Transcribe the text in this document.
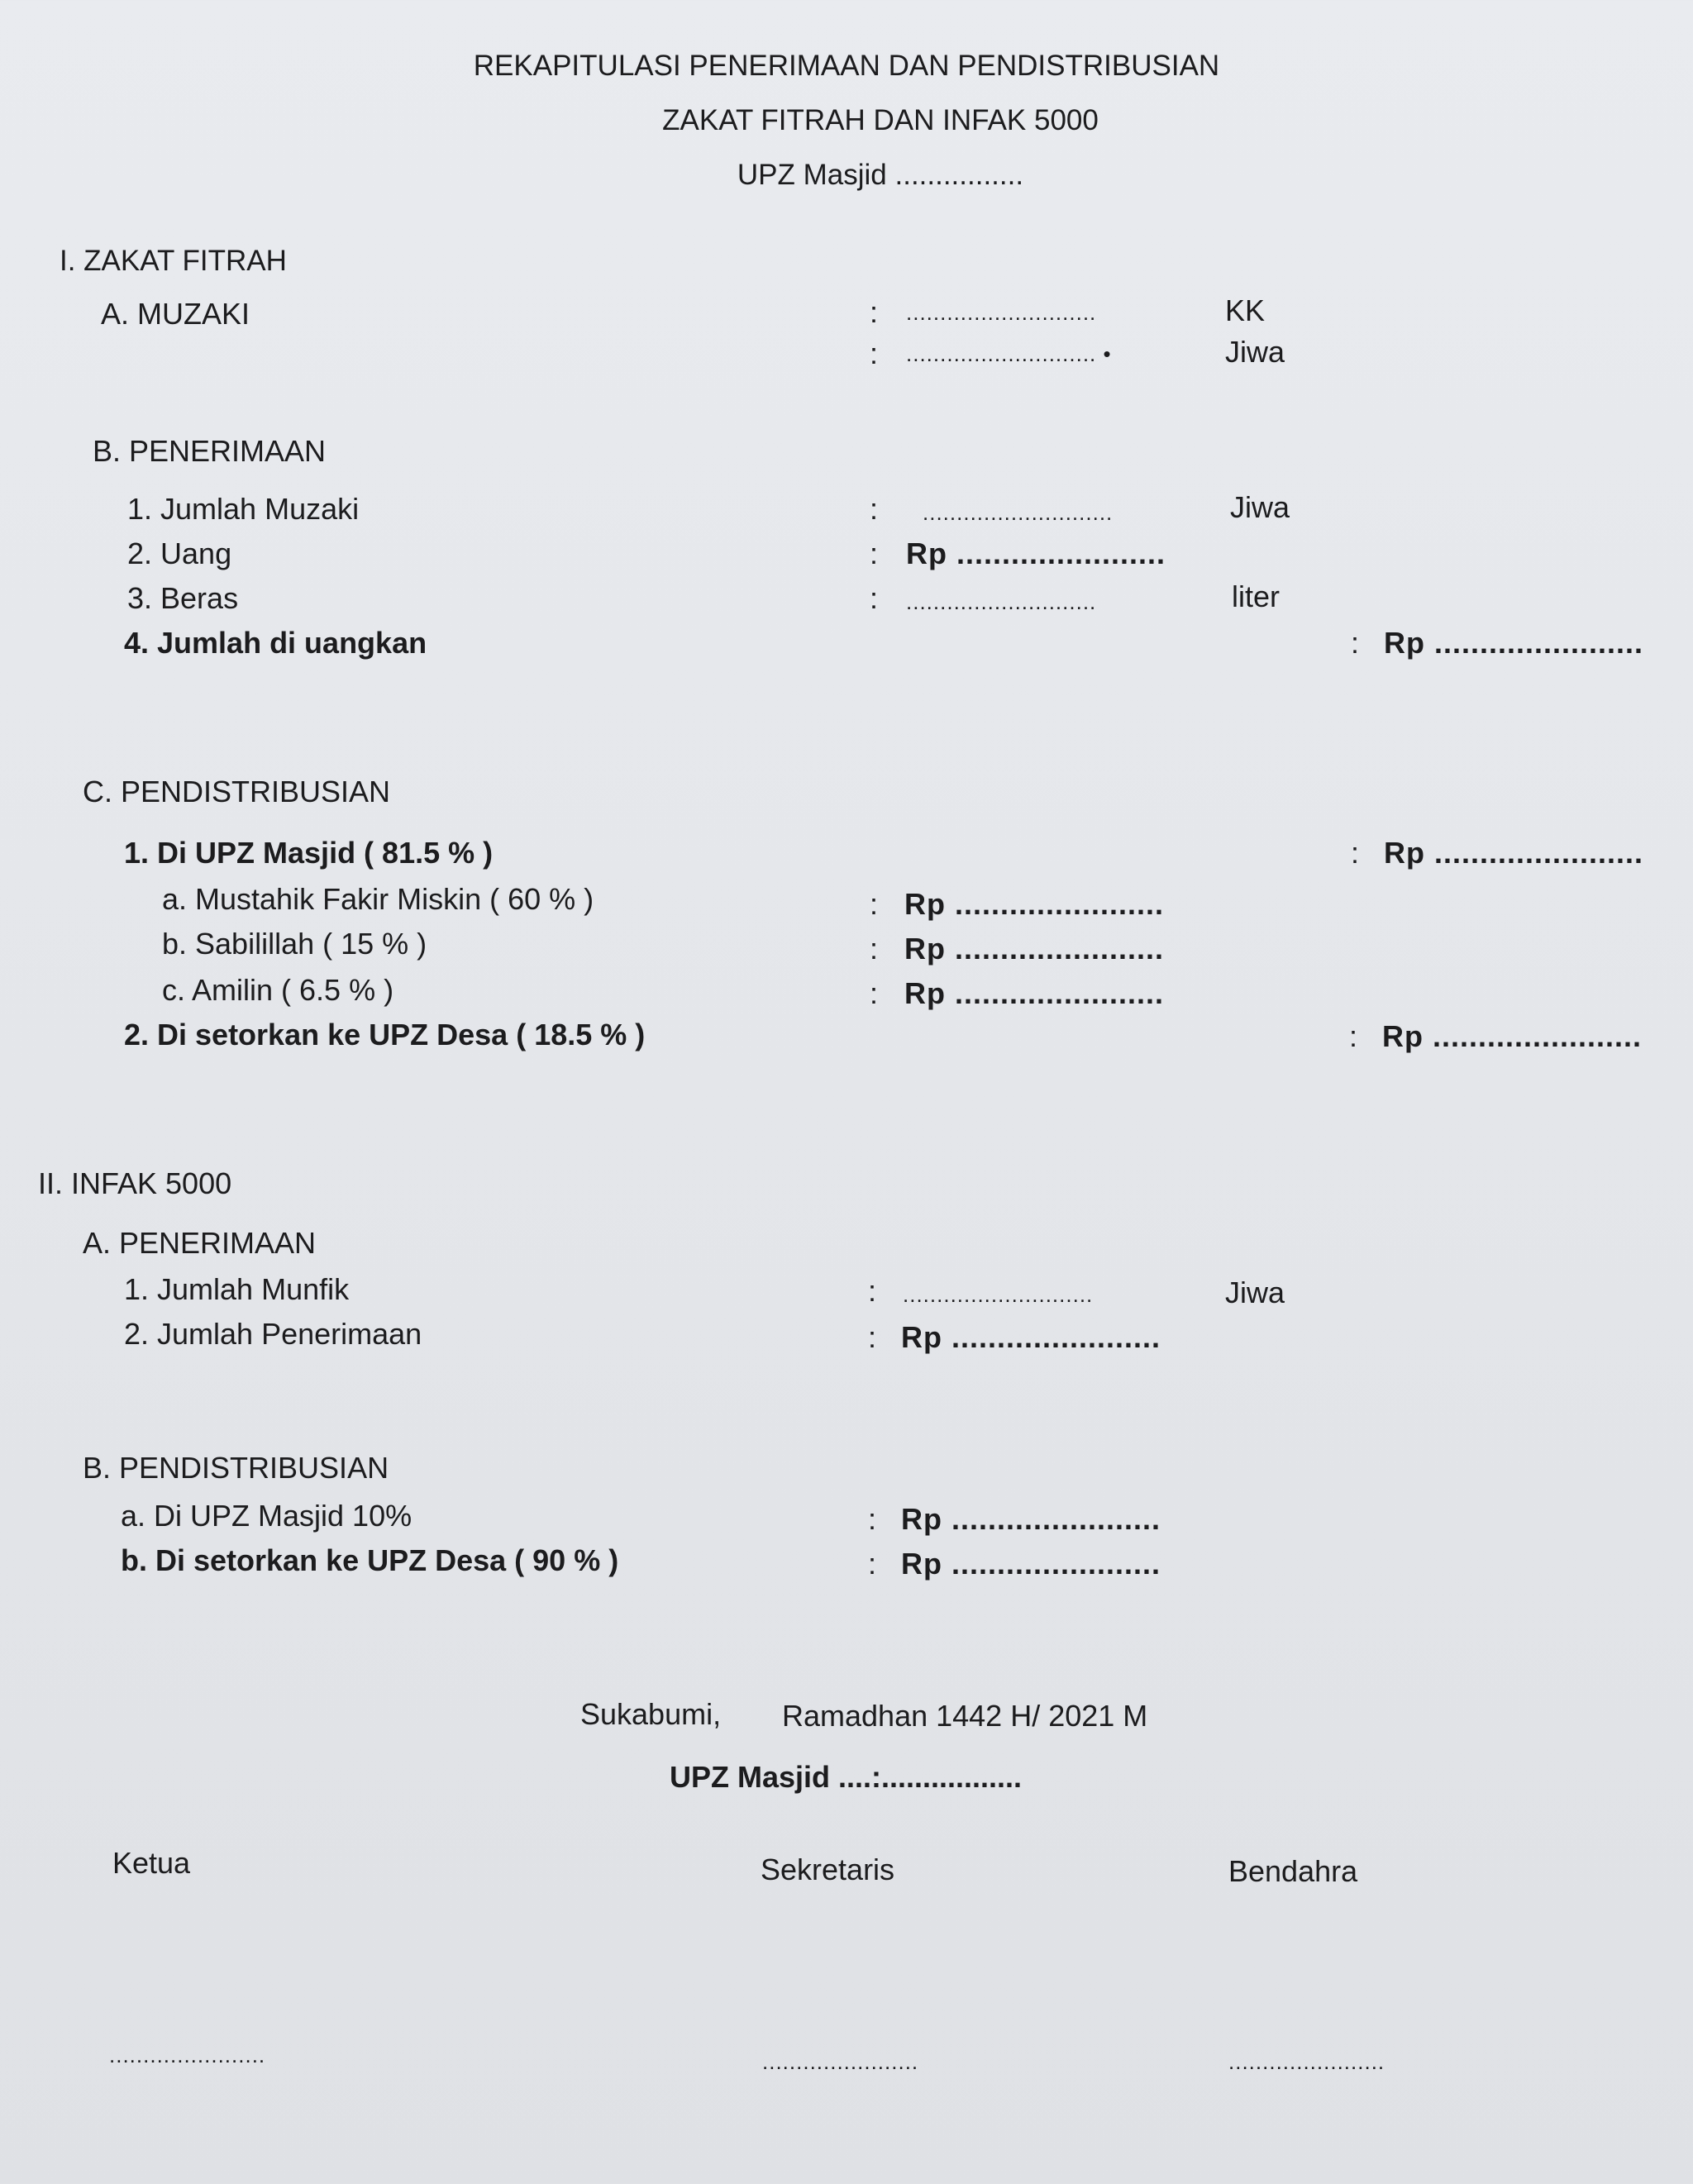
REKAPITULASI PENERIMAAN DAN PENDISTRIBUSIAN
ZAKAT FITRAH DAN INFAK 5000
UPZ Masjid ................
I. ZAKAT FITRAH
A. MUZAKI	: ............................	KK
: ............................ •	Jiwa
B. PENERIMAAN
1. Jumlah Muzaki	: ............................	Jiwa
2. Uang	: Rp .......................
3. Beras	: ............................	liter
4. Jumlah di uangkan	: Rp .......................
C. PENDISTRIBUSIAN
1. Di UPZ Masjid ( 81.5 % )	: Rp .......................
a. Mustahik Fakir Miskin ( 60 % )	: Rp .......................
b. Sabilillah ( 15 % )	: Rp .......................
c. Amilin ( 6.5 % )	: Rp .......................
2. Di setorkan ke UPZ Desa ( 18.5 % )	: Rp .......................
II. INFAK 5000
A. PENERIMAAN
1. Jumlah Munfik	: ............................	Jiwa
2. Jumlah Penerimaan	: Rp .......................
B. PENDISTRIBUSIAN
a. Di UPZ Masjid 10%	: Rp .......................
b. Di setorkan ke UPZ Desa ( 90 % )	: Rp .......................
Sukabumi, Ramadhan 1442 H/ 2021 M
UPZ Masjid ....:.................
Ketua	Sekretaris	Bendahra
.......................	.......................	.......................
